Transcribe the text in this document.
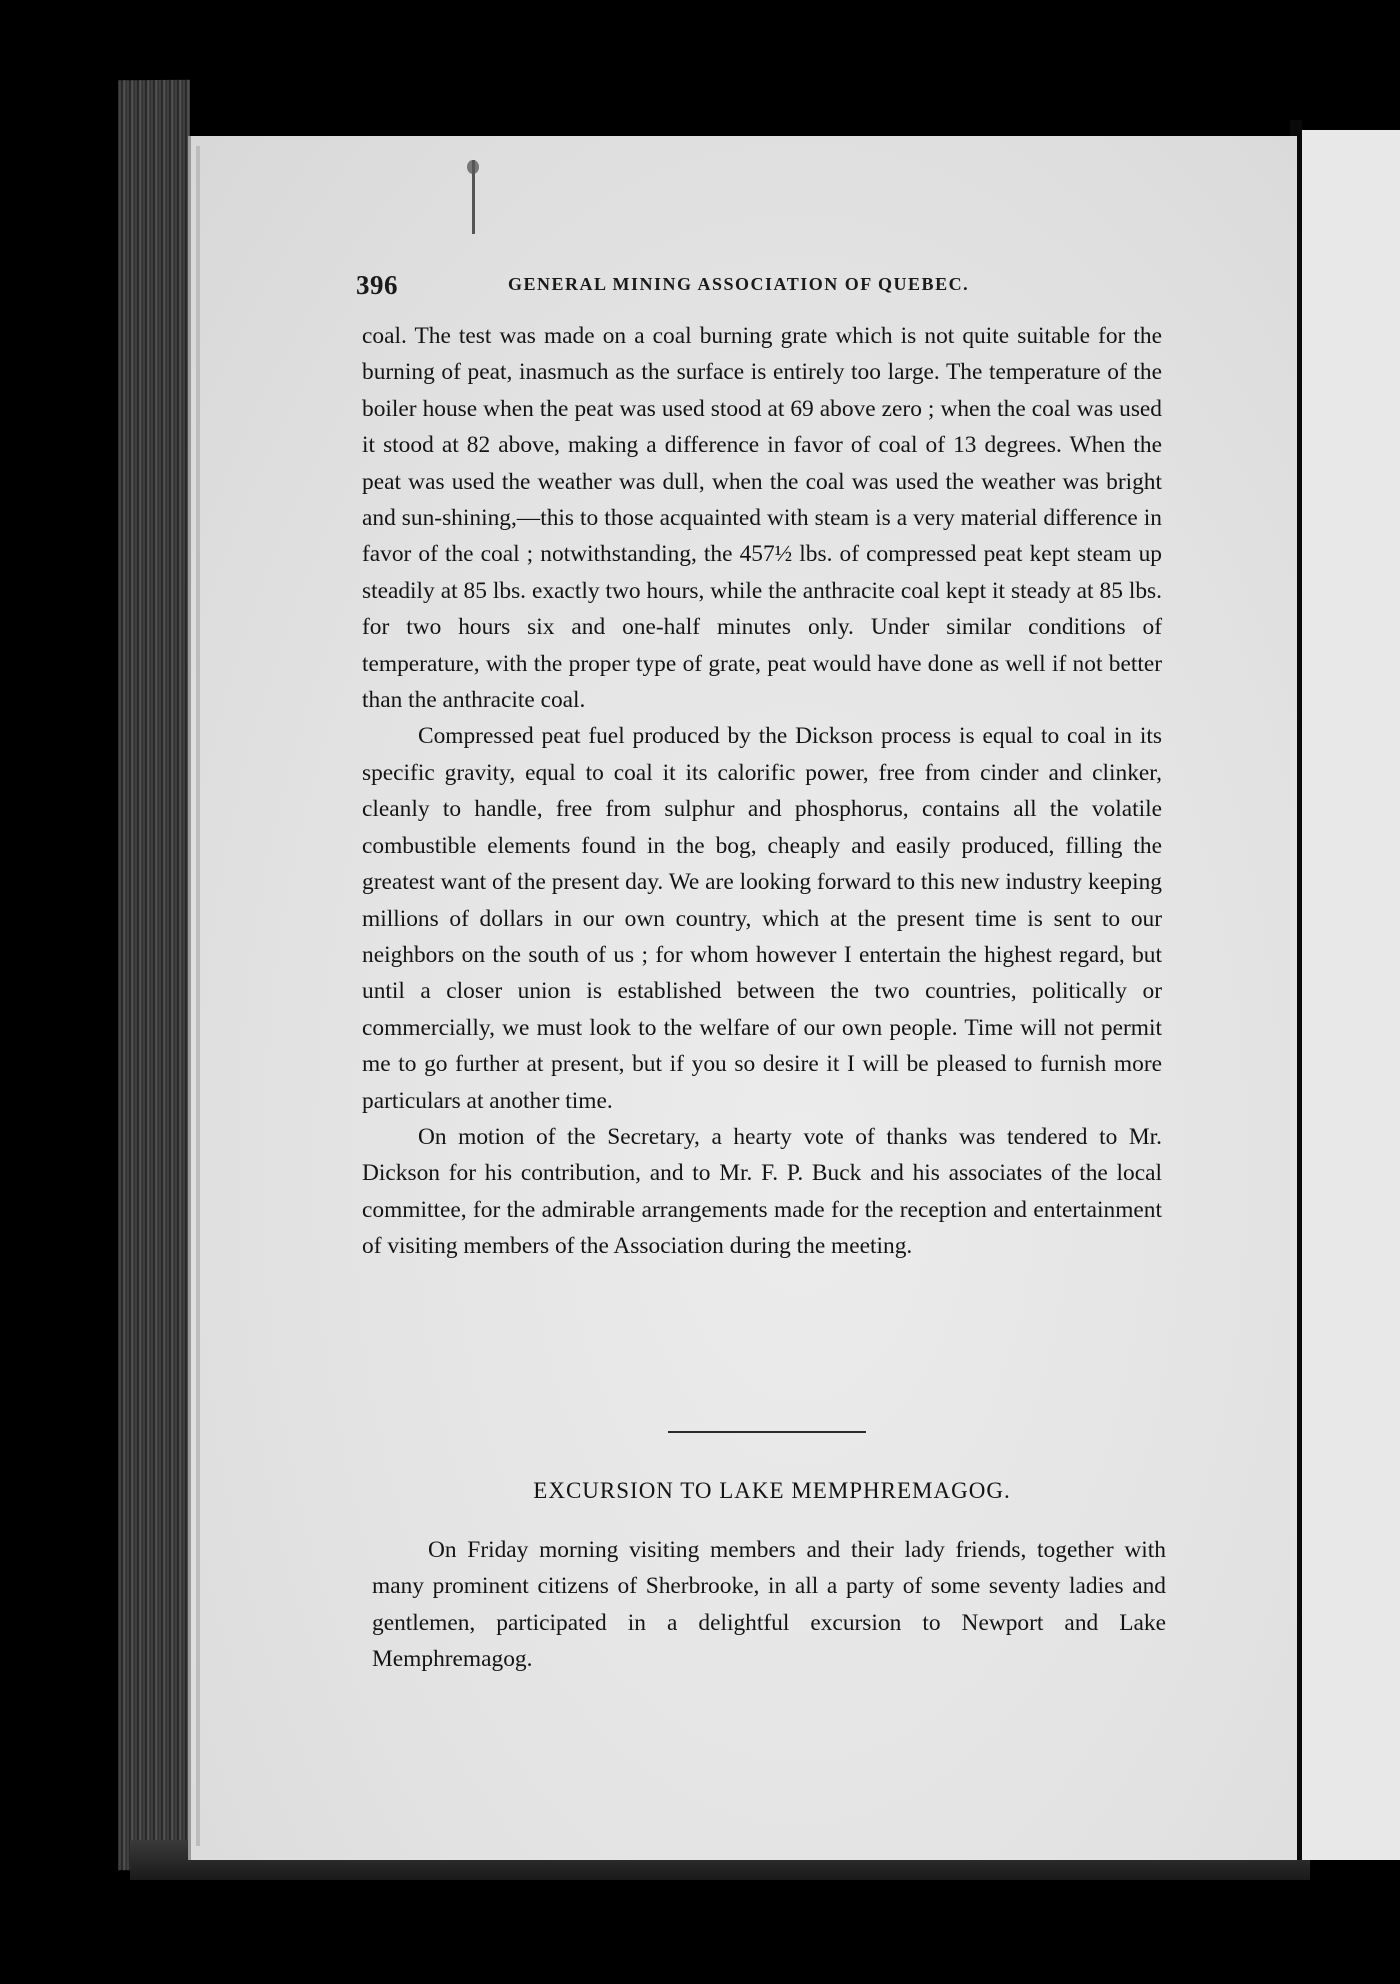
396	GENERAL MINING ASSOCIATION OF QUEBEC.

coal. The test was made on a coal burning grate which is not quite suitable for the burning of peat, inasmuch as the surface is entirely too large. The temperature of the boiler house when the peat was used stood at 69 above zero ; when the coal was used it stood at 82 above, making a difference in favor of coal of 13 degrees. When the peat was used the weather was dull, when the coal was used the weather was bright and sun-shining,—this to those acquainted with steam is a very material difference in favor of the coal ; notwithstanding, the 457½ lbs. of compressed peat kept steam up steadily at 85 lbs. exactly two hours, while the anthracite coal kept it steady at 85 lbs. for two hours six and one-half minutes only. Under similar conditions of temperature, with the proper type of grate, peat would have done as well if not better than the anthracite coal.

Compressed peat fuel produced by the Dickson process is equal to coal in its specific gravity, equal to coal it its calorific power, free from cinder and clinker, cleanly to handle, free from sulphur and phosphorus, contains all the volatile combustible elements found in the bog, cheaply and easily produced, filling the greatest want of the present day. We are looking forward to this new industry keeping millions of dollars in our own country, which at the present time is sent to our neighbors on the south of us ; for whom however I entertain the highest regard, but until a closer union is established between the two countries, politically or commercially, we must look to the welfare of our own people. Time will not permit me to go further at present, but if you so desire it I will be pleased to furnish more particulars at another time.

On motion of the Secretary, a hearty vote of thanks was tendered to Mr. Dickson for his contribution, and to Mr. F. P. Buck and his associates of the local committee, for the admirable arrangements made for the reception and entertainment of visiting members of the Association during the meeting.

EXCURSION TO LAKE MEMPHREMAGOG.

On Friday morning visiting members and their lady friends, together with many prominent citizens of Sherbrooke, in all a party of some seventy ladies and gentlemen, participated in a delightful excursion to Newport and Lake Memphremagog.
